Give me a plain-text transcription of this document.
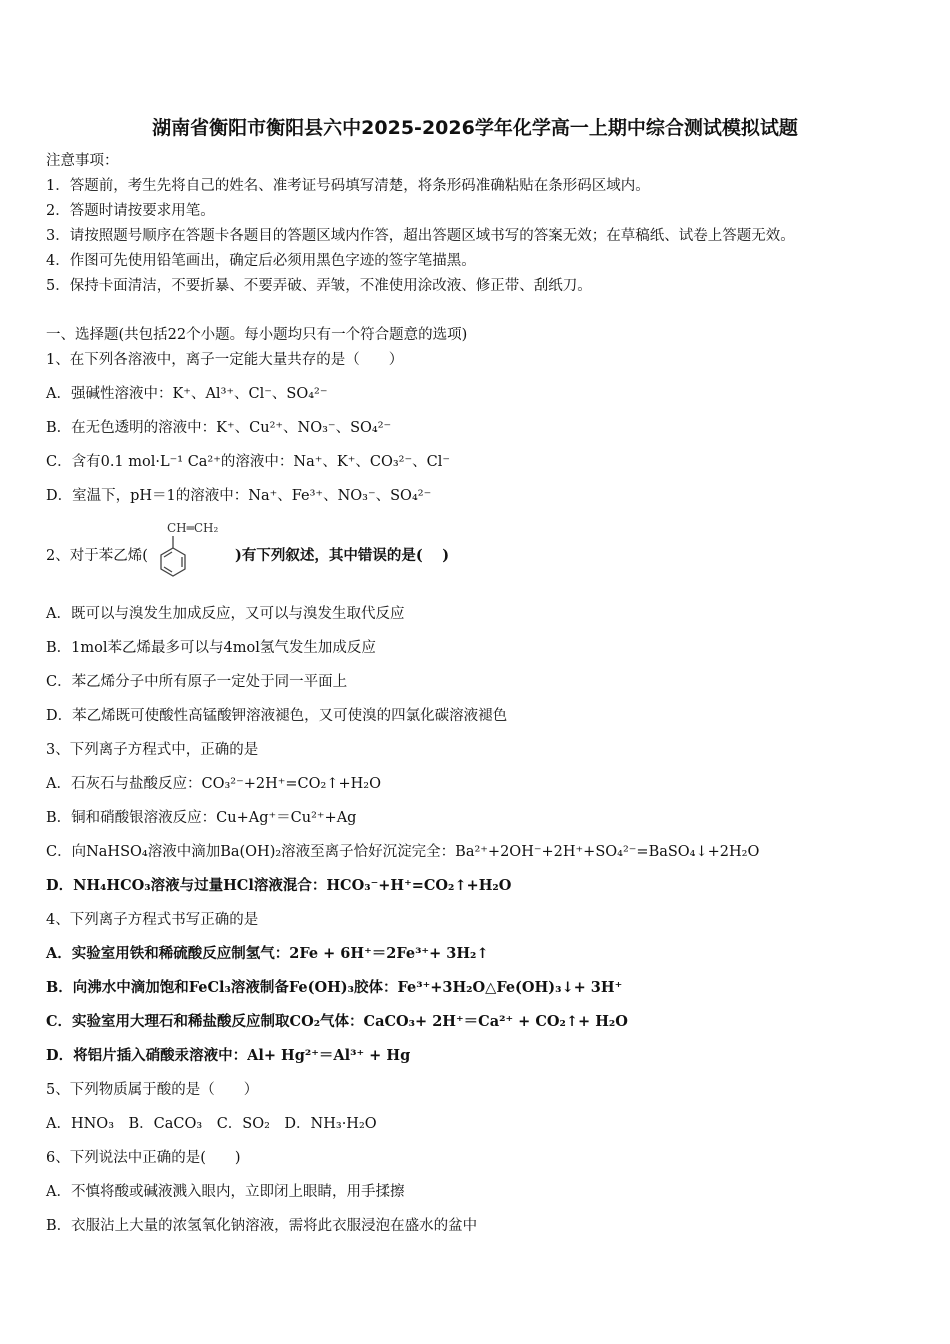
湖南省衡阳市衡阳县六中2025-2026学年化学高一上期中综合测试模拟试题
注意事项：
1．答题前，考生先将自己的姓名、准考证号码填写清楚，将条形码准确粘贴在条形码区域内。
2．答题时请按要求用笔。
3．请按照题号顺序在答题卡各题目的答题区域内作答，超出答题区域书写的答案无效；在草稿纸、试卷上答题无效。
4．作图可先使用铅笔画出，确定后必须用黑色字迹的签字笔描黑。
5．保持卡面清洁，不要折暴、不要弄破、弄皱，不准使用涂改液、修正带、刮纸刀。
一、选择题(共包括22个小题。每小题均只有一个符合题意的选项)
1、在下列各溶液中，离子一定能大量共存的是（　　）
A．强碱性溶液中：K⁺、Al³⁺、Cl⁻、SO₄²⁻
B．在无色透明的溶液中：K⁺、Cu²⁺、NO₃⁻、SO₄²⁻
C．含有0.1 mol·L⁻¹ Ca²⁺的溶液中：Na⁺、K⁺、CO₃²⁻、Cl⁻
D．室温下，pH＝1的溶液中：Na⁺、Fe³⁺、NO₃⁻、SO₄²⁻
2、对于苯乙烯(
CH═CH₂
)有下列叙述，其中错误的是(　 )
A．既可以与溴发生加成反应，又可以与溴发生取代反应
B．1mol苯乙烯最多可以与4mol氢气发生加成反应
C．苯乙烯分子中所有原子一定处于同一平面上
D．苯乙烯既可使酸性高锰酸钾溶液褪色，又可使溴的四氯化碳溶液褪色
3、下列离子方程式中，正确的是
A．石灰石与盐酸反应：CO₃²⁻+2H⁺=CO₂↑+H₂O
B．铜和硝酸银溶液反应：Cu+Ag⁺＝Cu²⁺+Ag
C．向NaHSO₄溶液中滴加Ba(OH)₂溶液至离子恰好沉淀完全：Ba²⁺+2OH⁻+2H⁺+SO₄²⁻=BaSO₄↓+2H₂O
D．NH₄HCO₃溶液与过量HCl溶液混合：HCO₃⁻+H⁺=CO₂↑+H₂O
4、下列离子方程式书写正确的是
A．实验室用铁和稀硫酸反应制氢气：2Fe + 6H⁺＝2Fe³⁺+ 3H₂↑
B．向沸水中滴加饱和FeCl₃溶液制备Fe(OH)₃胶体：Fe³⁺+3H₂O△Fe(OH)₃↓+ 3H⁺
C．实验室用大理石和稀盐酸反应制取CO₂气体：CaCO₃+ 2H⁺＝Ca²⁺ + CO₂↑+ H₂O
D．将铝片插入硝酸汞溶液中：Al+ Hg²⁺＝Al³⁺ + Hg
5、下列物质属于酸的是（　　）
A．HNO₃　B．CaCO₃　C．SO₂　D．NH₃·H₂O
6、下列说法中正确的是(　　)
A．不慎将酸或碱液溅入眼内，立即闭上眼睛，用手揉擦
B．衣服沾上大量的浓氢氧化钠溶液，需将此衣服浸泡在盛水的盆中
